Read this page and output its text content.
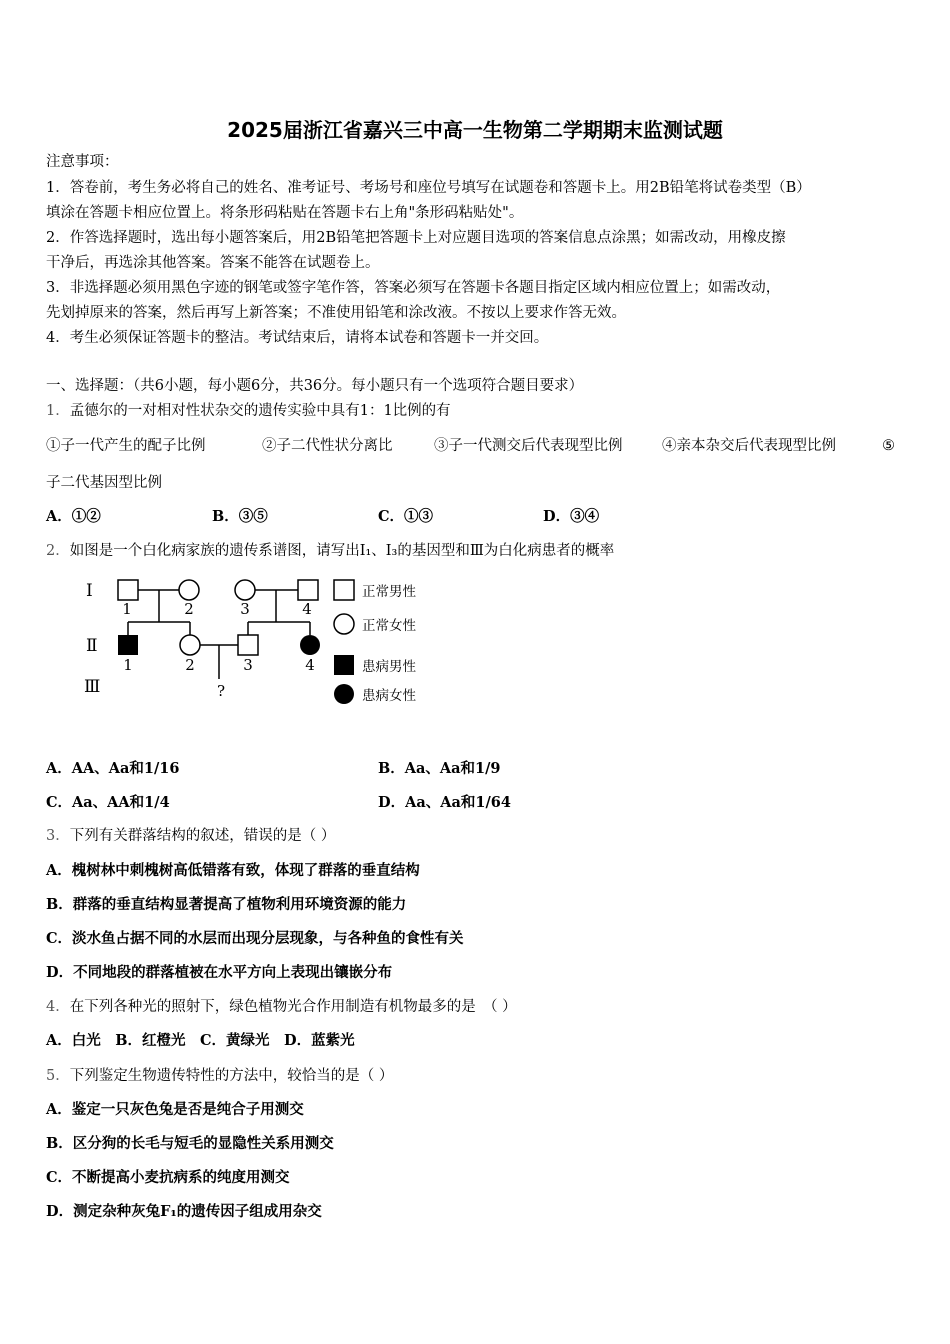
2025届浙江省嘉兴三中高一生物第二学期期末监测试题
注意事项：
1．答卷前，考生务必将自己的姓名、准考证号、考场号和座位号填写在试题卷和答题卡上。用2B铅笔将试卷类型（B）
填涂在答题卡相应位置上。将条形码粘贴在答题卡右上角"条形码粘贴处"。
2．作答选择题时，选出每小题答案后，用2B铅笔把答题卡上对应题目选项的答案信息点涂黑；如需改动，用橡皮擦
干净后，再选涂其他答案。答案不能答在试题卷上。
3．非选择题必须用黑色字迹的钢笔或签字笔作答，答案必须写在答题卡各题目指定区域内相应位置上；如需改动，
先划掉原来的答案，然后再写上新答案；不准使用铅笔和涂改液。不按以上要求作答无效。
4．考生必须保证答题卡的整洁。考试结束后，请将本试卷和答题卡一并交回。
一、选择题：（共6小题，每小题6分，共36分。每小题只有一个选项符合题目要求）
1．孟德尔的一对相对性状杂交的遗传实验中具有1：1比例的有
①子一代产生的配子比例	②子二代性状分离比	③子一代测交后代表现型比例	④亲本杂交后代表现型比例	⑤
子二代基因型比例
A．①②	B．③⑤	C．①③	D．③④
2．如图是一个白化病家族的遗传系谱图，请写出Ⅰ₁、Ⅰ₃的基因型和Ⅲ为白化病患者的概率
Ⅰ
Ⅱ
Ⅲ
1	2	3	4
1	2	3	4
?
正常男性
正常女性
患病男性
患病女性
A．AA、Aa和1/16	B．Aa、Aa和1/9
C．Aa、AA和1/4	D．Aa、Aa和1/64
3．下列有关群落结构的叙述，错误的是（ ）
A．槐树林中刺槐树高低错落有致，体现了群落的垂直结构
B．群落的垂直结构显著提高了植物利用环境资源的能力
C．淡水鱼占据不同的水层而出现分层现象，与各种鱼的食性有关
D．不同地段的群落植被在水平方向上表现出镶嵌分布
4．在下列各种光的照射下，绿色植物光合作用制造有机物最多的是　（ ）
A．白光　B．红橙光　C．黄绿光　D．蓝紫光
5．下列鉴定生物遗传特性的方法中，较恰当的是（ ）
A．鉴定一只灰色兔是否是纯合子用测交
B．区分狗的长毛与短毛的显隐性关系用测交
C．不断提高小麦抗病系的纯度用测交
D．测定杂种灰兔F₁的遗传因子组成用杂交
